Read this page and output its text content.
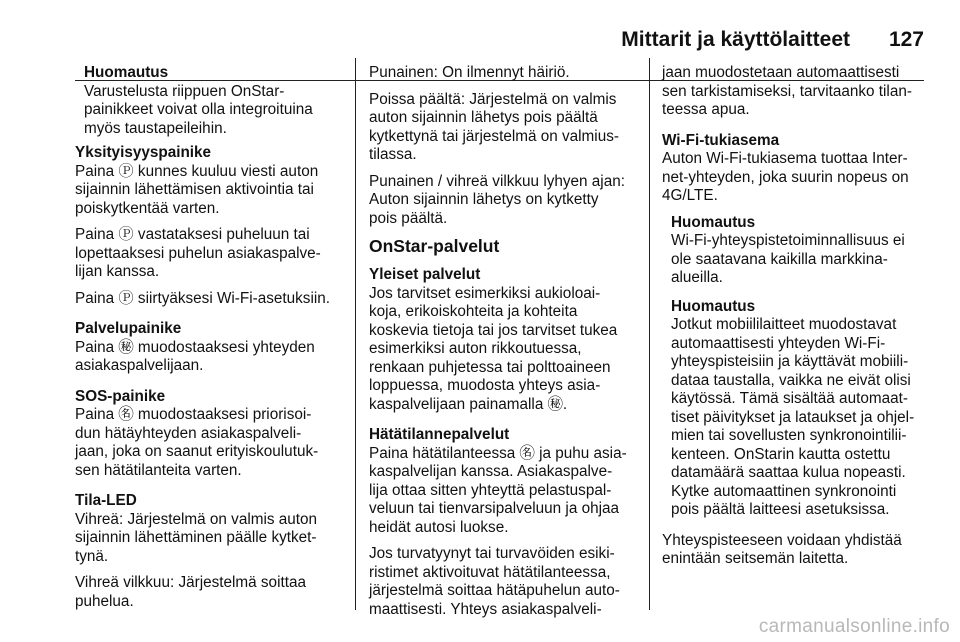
Mittarit ja käyttölaitteet 127
Huomautus
Varustelusta riippuen OnStar-
painikkeet voivat olla integroituina
myös taustapeileihin.
Yksityisyyspainike

Paina Ⓟ kunnes kuuluu viesti auton
sijainnin lähettämisen aktivointia tai
poiskytkentää varten.

Paina Ⓟ vastataksesi puheluun tai
lopettaaksesi puhelun asiakaspalve-
lijan kanssa.

Paina Ⓟ siirtyäksesi Wi-Fi-asetuksiin.

Palvelupainike

Paina ㊙ muodostaaksesi yhteyden
asiakaspalvelijaan.

SOS-painike

Paina ㊔ muodostaaksesi priorisoi-
dun hätäyhteyden asiakaspalveli-
jaan, joka on saanut erityiskoulutuk-
sen hätätilanteita varten.

Tila-LED

Vihreä: Järjestelmä on valmis auton
sijainnin lähettäminen päälle kytket-
tynä.

Vihreä vilkkuu: Järjestelmä soittaa
puhelua.

Punainen: On ilmennyt häiriö.

Poissa päältä: Järjestelmä on valmis
auton sijainnin lähetys pois päältä
kytkettynä tai järjestelmä on valmius-
tilassa.

Punainen / vihreä vilkkuu lyhyen ajan:
Auton sijainnin lähetys on kytketty
pois päältä.

OnStar-palvelut
Yleiset palvelut

Jos tarvitset esimerkiksi aukioloai-
koja, erikoiskohteita ja kohteita
koskevia tietoja tai jos tarvitset tukea
esimerkiksi auton rikkoutuessa,
renkaan puhjetessa tai polttoaineen
loppuessa, muodosta yhteys asia-
kaspalvelijaan painamalla ㊙.

Hätätilannepalvelut

Paina hätätilanteessa ㊔ ja puhu asia-
kaspalvelijan kanssa. Asiakaspalve-
lija ottaa sitten yhteyttä pelastuspal-
veluun tai tienvarsipalveluun ja ohjaa
heidät autosi luokse.

Jos turvatyynyt tai turvavöiden esiki-
ristimet aktivoituvat hätätilanteessa,
järjestelmä soittaa hätäpuhelun auto-
maattisesti. Yhteys asiakaspalveli-

jaan muodostetaan automaattisesti
sen tarkistamiseksi, tarvitaanko tilan-
teessa apua.

Wi-Fi-tukiasema

Auton Wi-Fi-tukiasema tuottaa Inter-
net-yhteyden, joka suurin nopeus on
4G/LTE.

Huomautus
Wi-Fi-yhteyspistetoiminnallisuus ei
ole saatavana kaikilla markkina-
alueilla.
Huomautus
Jotkut mobiililaitteet muodostavat
automaattisesti yhteyden Wi-Fi-
yhteyspisteisiin ja käyttävät mobiili-
dataa taustalla, vaikka ne eivät olisi
käytössä. Tämä sisältää automaat-
tiset päivitykset ja lataukset ja ohjel-
mien tai sovellusten synkronointilii-
kenteen. OnStarin kautta ostettu
datamäärä saattaa kulua nopeasti.
Kytke automaattinen synkronointi
pois päältä laitteesi asetuksissa.

Yhteyspisteeseen voidaan yhdistää
enintään seitsemän laitetta.

carmanualsonline.info
